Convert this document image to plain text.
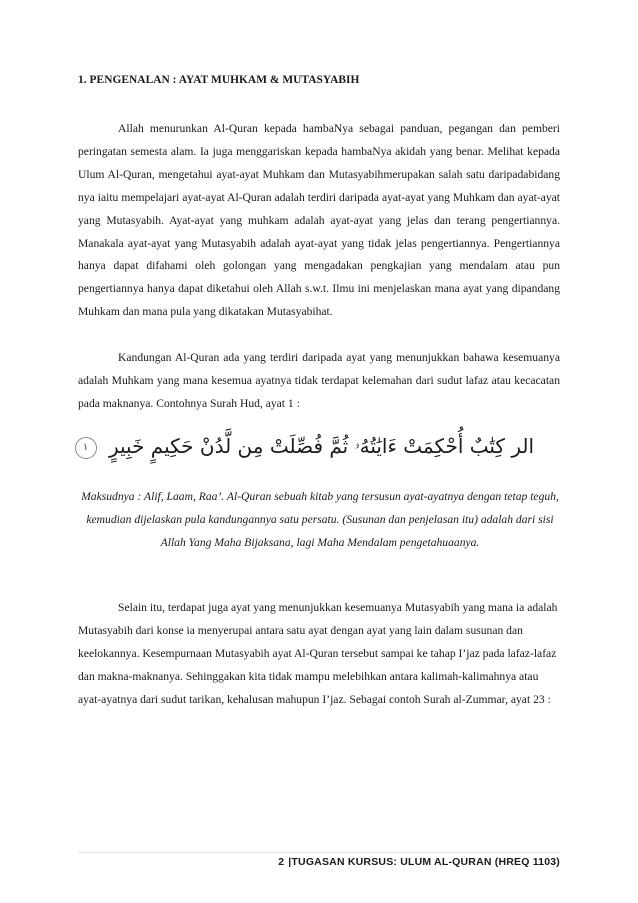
1. PENGENALAN : AYAT MUHKAM & MUTASYABIH

Allah menurunkan Al-Quran kepada hambaNya sebagai panduan, pegangan dan pemberi peringatan semesta alam. Ia juga menggariskan kepada hambaNya akidah yang benar. Melihat kepada Ulum Al-Quran, mengetahui ayat-ayat Muhkam dan Mutasyabihmerupakan salah satu daripadabidang nya iaitu mempelajari ayat-ayat Al-Quran adalah terdiri daripada ayat-ayat yang Muhkam dan ayat-ayat yang Mutasyabih. Ayat-ayat yang muhkam adalah ayat-ayat yang jelas dan terang pengertiannya. Manakala ayat-ayat yang Mutasyabih adalah ayat-ayat yang tidak jelas pengertiannya. Pengertiannya hanya dapat difahami oleh golongan yang mengadakan pengkajian yang mendalam atau pun pengertiannya hanya dapat diketahui oleh Allah s.w.t. Ilmu ini menjelaskan mana ayat yang dipandang Muhkam dan mana pula yang dikatakan Mutasyabihat.

Kandungan Al-Quran ada yang terdiri daripada ayat yang menunjukkan bahawa kesemuanya adalah Muhkam yang mana kesemua ayatnya tidak terdapat kelemahan dari sudut lafaz atau kecacatan pada maknanya. Contohnya Surah Hud, ayat 1 :

الر كِتَٰبٌ أُحْكِمَتْ ءَايَٰتُهُۥ ثُمَّ فُصِّلَتْ مِن لَّدُنْ حَكِيمٍ خَبِيرٍ ١

Maksudnya : Alif, Laam, Raa’. Al-Quran sebuah kitab yang tersusun ayat-ayatnya dengan tetap teguh, kemudian dijelaskan pula kandungannya satu persatu. (Susunan dan penjelasan itu) adalah dari sisi Allah Yang Maha Bijaksana, lagi Maha Mendalam pengetahuaanya.

Selain itu, terdapat juga ayat yang menunjukkan kesemuanya Mutasyabih yang mana ia adalah Mutasyabih dari konse ia menyerupai antara satu ayat dengan ayat yang lain dalam susunan dan keelokannya. Kesempurnaan Mutasyabih ayat Al-Quran tersebut sampai ke tahap I’jaz pada lafaz-lafaz dan makna-maknanya. Sehinggakan kita tidak mampu melebihkan antara kalimah-kalimahnya atau ayat-ayatnya dari sudut tarikan, kehalusan mahupun I’jaz. Sebagai contoh Surah al-Zummar, ayat 23 :

2 |TUGASAN KURSUS: ULUM AL-QURAN (HREQ 1103)
